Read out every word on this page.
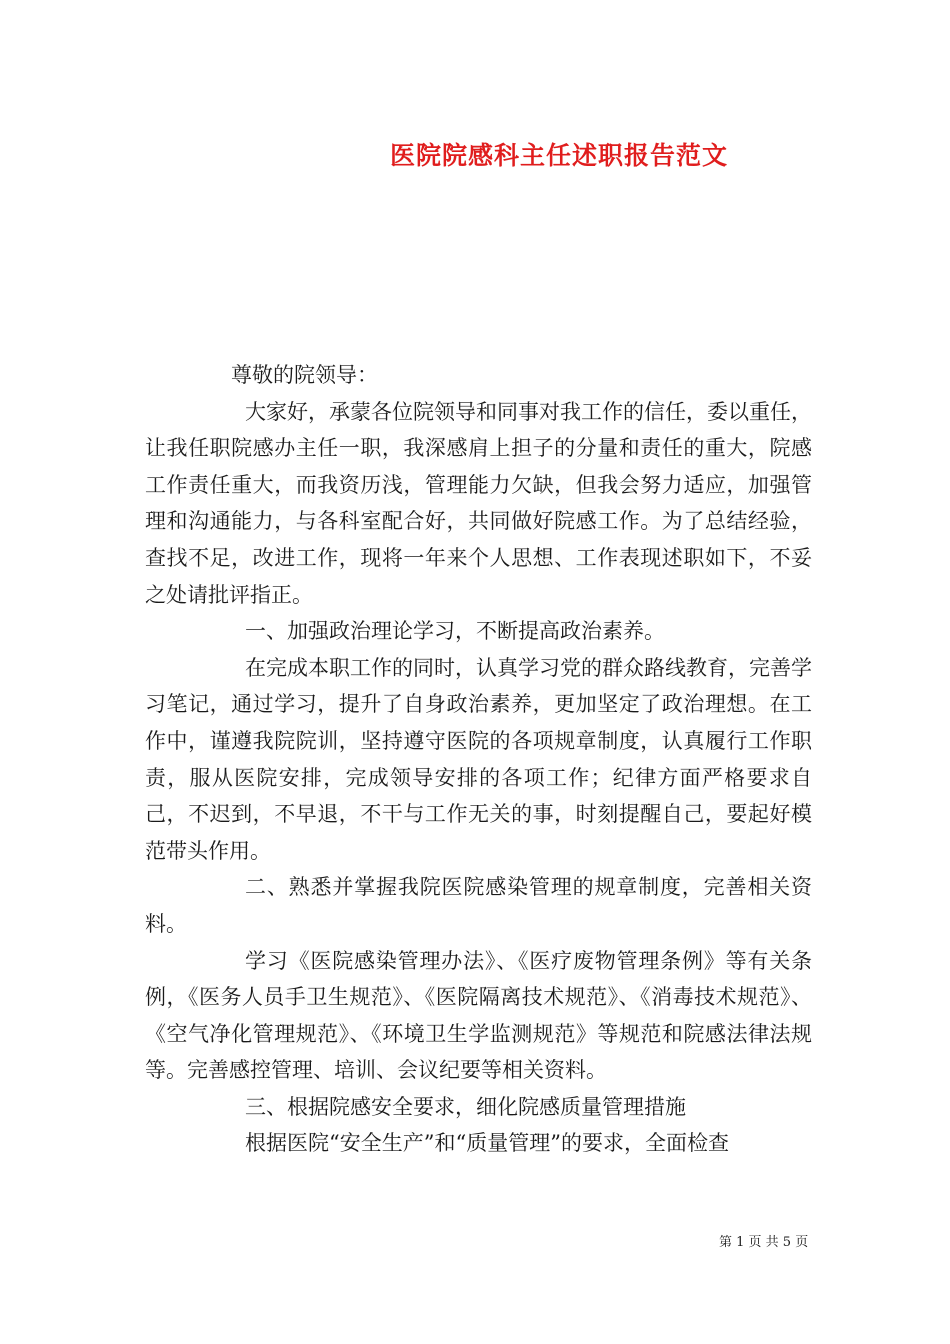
医院院感科主任述职报告范文

尊敬的院领导：

大家好，承蒙各位院领导和同事对我工作的信任，委以重任，让我任职院感办主任一职，我深感肩上担子的分量和责任的重大，院感工作责任重大，而我资历浅，管理能力欠缺，但我会努力适应，加强管理和沟通能力，与各科室配合好，共同做好院感工作。为了总结经验，查找不足，改进工作，现将一年来个人思想、工作表现述职如下，不妥之处请批评指正。

一、加强政治理论学习，不断提高政治素养。

在完成本职工作的同时，认真学习党的群众路线教育，完善学习笔记，通过学习，提升了自身政治素养，更加坚定了政治理想。在工作中，谨遵我院院训，坚持遵守医院的各项规章制度，认真履行工作职责，服从医院安排，完成领导安排的各项工作；纪律方面严格要求自己，不迟到，不早退，不干与工作无关的事，时刻提醒自己，要起好模范带头作用。

二、熟悉并掌握我院医院感染管理的规章制度，完善相关资料。

学习《医院感染管理办法》、《医疗废物管理条例》等有关条例，《医务人员手卫生规范》、《医院隔离技术规范》、《消毒技术规范》、《空气净化管理规范》、《环境卫生学监测规范》等规范和院感法律法规等。完善感控管理、培训、会议纪要等相关资料。

三、根据院感安全要求，细化院感质量管理措施

根据医院“安全生产”和“质量管理”的要求，全面检查

第 1 页 共 5 页
